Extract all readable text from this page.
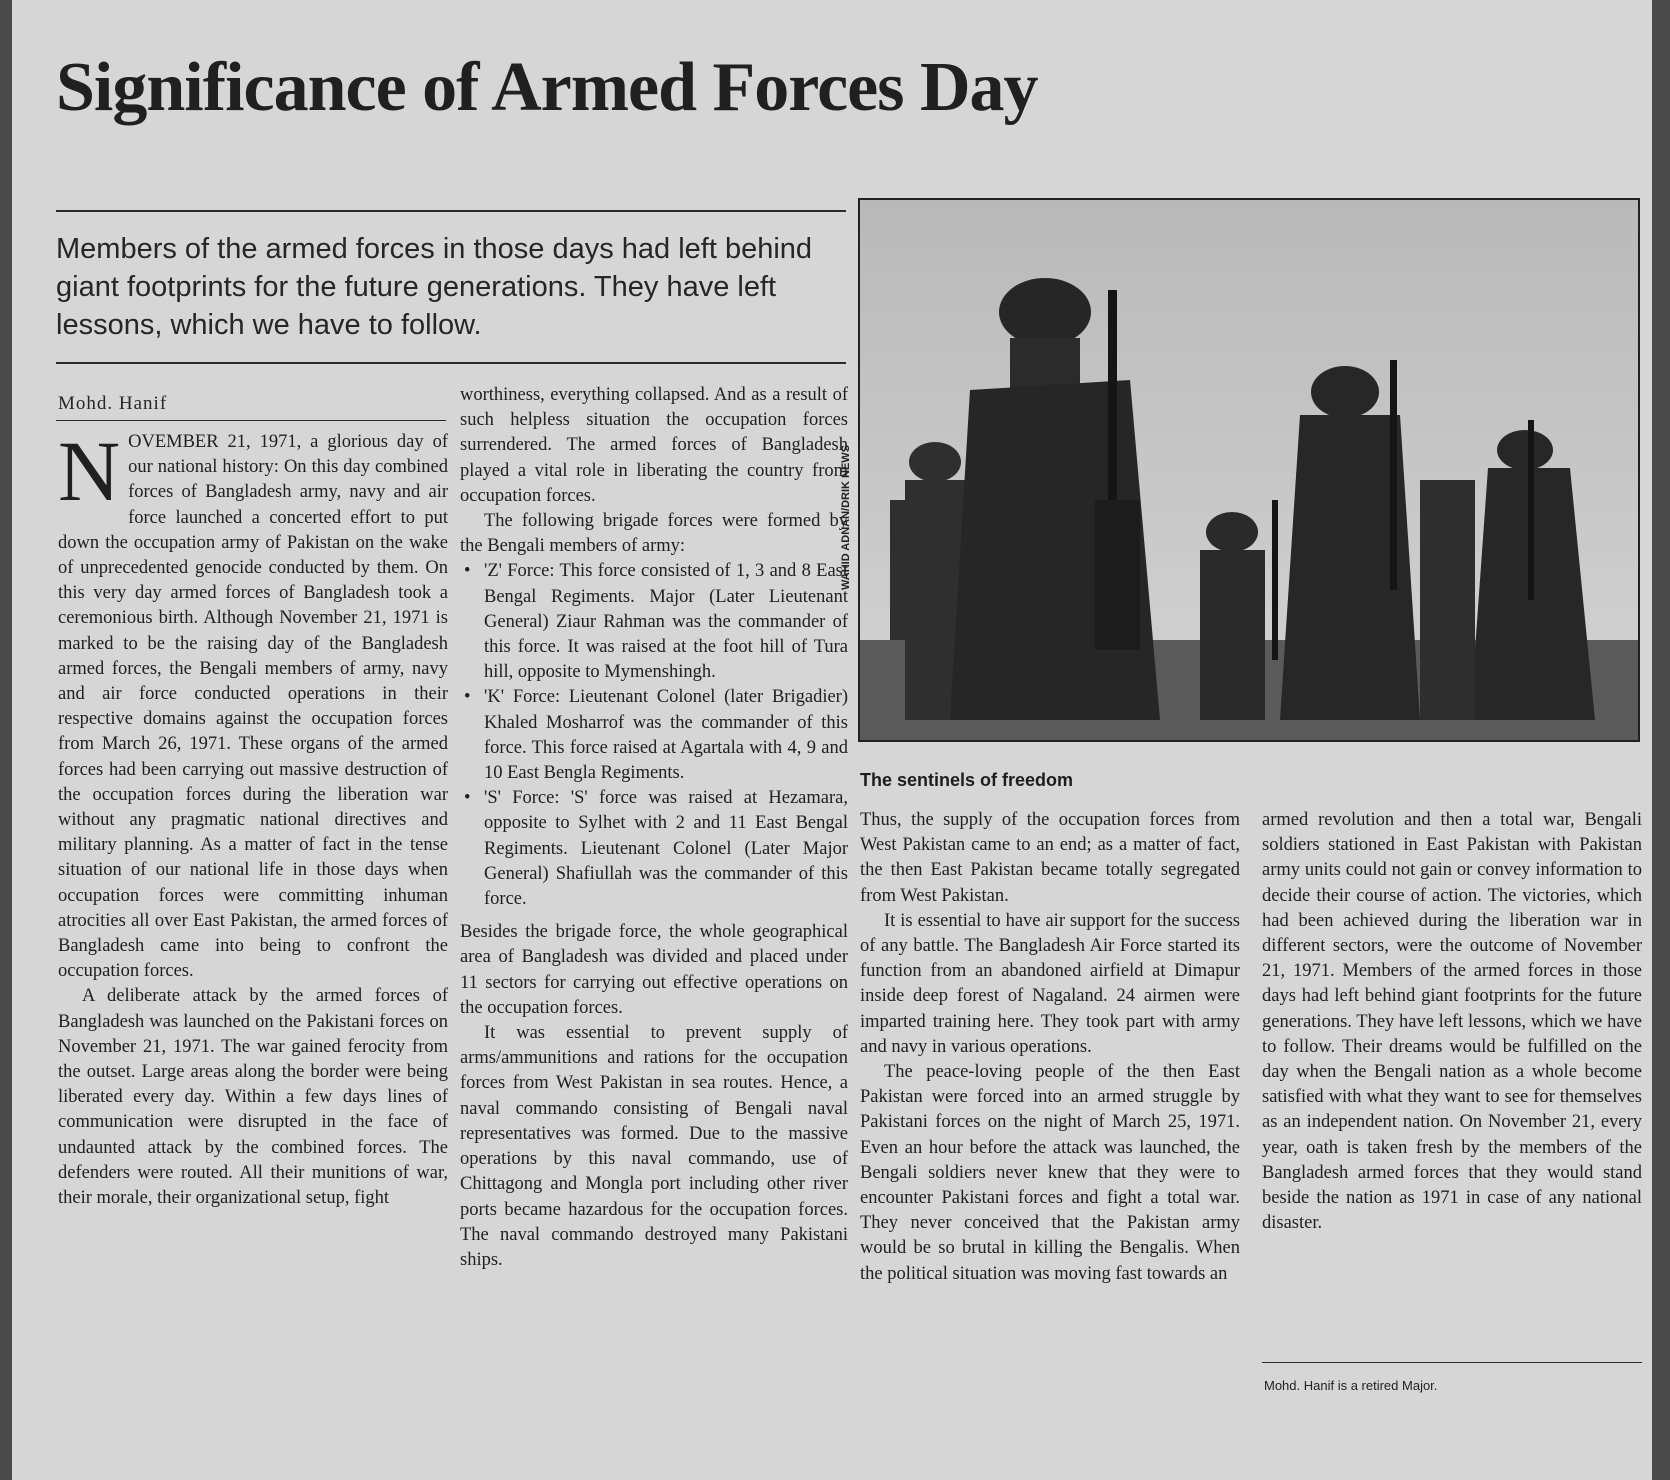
Significance of Armed Forces Day

Members of the armed forces in those days had left behind giant footprints for the future generations. They have left lessons, which we have to follow.

Mohd. Hanif

NOVEMBER 21, 1971, a glorious day of our national history: On this day combined forces of Bangladesh army, navy and air force launched a concerted effort to put down the occupation army of Pakistan on the wake of unprecedented genocide conducted by them. On this very day armed forces of Bangladesh took a ceremonious birth. Although November 21, 1971 is marked to be the raising day of the Bangladesh armed forces, the Bengali members of army, navy and air force conducted operations in their respective domains against the occupation forces from March 26, 1971. These organs of the armed forces had been carrying out massive destruction of the occupation forces during the liberation war without any pragmatic national directives and military planning. As a matter of fact in the tense situation of our national life in those days when occupation forces were committing inhuman atrocities all over East Pakistan, the armed forces of Bangladesh came into being to confront the occupation forces.

A deliberate attack by the armed forces of Bangladesh was launched on the Pakistani forces on November 21, 1971. The war gained ferocity from the outset. Large areas along the border were being liberated every day. Within a few days lines of communication were disrupted in the face of undaunted attack by the combined forces. The defenders were routed. All their munitions of war, their morale, their organizational setup, fight

worthiness, everything collapsed. And as a result of such helpless situation the occupation forces surrendered. The armed forces of Bangladesh played a vital role in liberating the country from occupation forces.

The following brigade forces were formed by the Bengali members of army:

• 'Z' Force: This force consisted of 1, 3 and 8 East Bengal Regiments. Major (Later Lieutenant General) Ziaur Rahman was the commander of this force. It was raised at the foot hill of Tura hill, opposite to Mymenshingh.
• 'K' Force: Lieutenant Colonel (later Brigadier) Khaled Mosharrof was the commander of this force. This force raised at Agartala with 4, 9 and 10 East Bengla Regiments.
• 'S' Force: 'S' force was raised at Hezamara, opposite to Sylhet with 2 and 11 East Bengal Regiments. Lieutenant Colonel (Later Major General) Shafiullah was the commander of this force.

Besides the brigade force, the whole geographical area of Bangladesh was divided and placed under 11 sectors for carrying out effective operations on the occupation forces.

It was essential to prevent supply of arms/ammunitions and rations for the occupation forces from West Pakistan in sea routes. Hence, a naval commando consisting of Bengali naval representatives was formed. Due to the massive operations by this naval commando, use of Chittagong and Mongla port including other river ports became hazardous for the occupation forces. The naval commando destroyed many Pakistani ships.

WAHID ADNAN/DRIK NEWS
The sentinels of freedom

Thus, the supply of the occupation forces from West Pakistan came to an end; as a matter of fact, the then East Pakistan became totally segregated from West Pakistan.

It is essential to have air support for the success of any battle. The Bangladesh Air Force started its function from an abandoned airfield at Dimapur inside deep forest of Nagaland. 24 airmen were imparted training here. They took part with army and navy in various operations.

The peace-loving people of the then East Pakistan were forced into an armed struggle by Pakistani forces on the night of March 25, 1971. Even an hour before the attack was launched, the Bengali soldiers never knew that they were to encounter Pakistani forces and fight a total war. They never conceived that the Pakistan army would be so brutal in killing the Bengalis. When the political situation was moving fast towards an

armed revolution and then a total war, Bengali soldiers stationed in East Pakistan with Pakistan army units could not gain or convey information to decide their course of action. The victories, which had been achieved during the liberation war in different sectors, were the outcome of November 21, 1971. Members of the armed forces in those days had left behind giant footprints for the future generations. They have left lessons, which we have to follow. Their dreams would be fulfilled on the day when the Bengali nation as a whole become satisfied with what they want to see for themselves as an independent nation. On November 21, every year, oath is taken fresh by the members of the Bangladesh armed forces that they would stand beside the nation as 1971 in case of any national disaster.

Mohd. Hanif is a retired Major.
